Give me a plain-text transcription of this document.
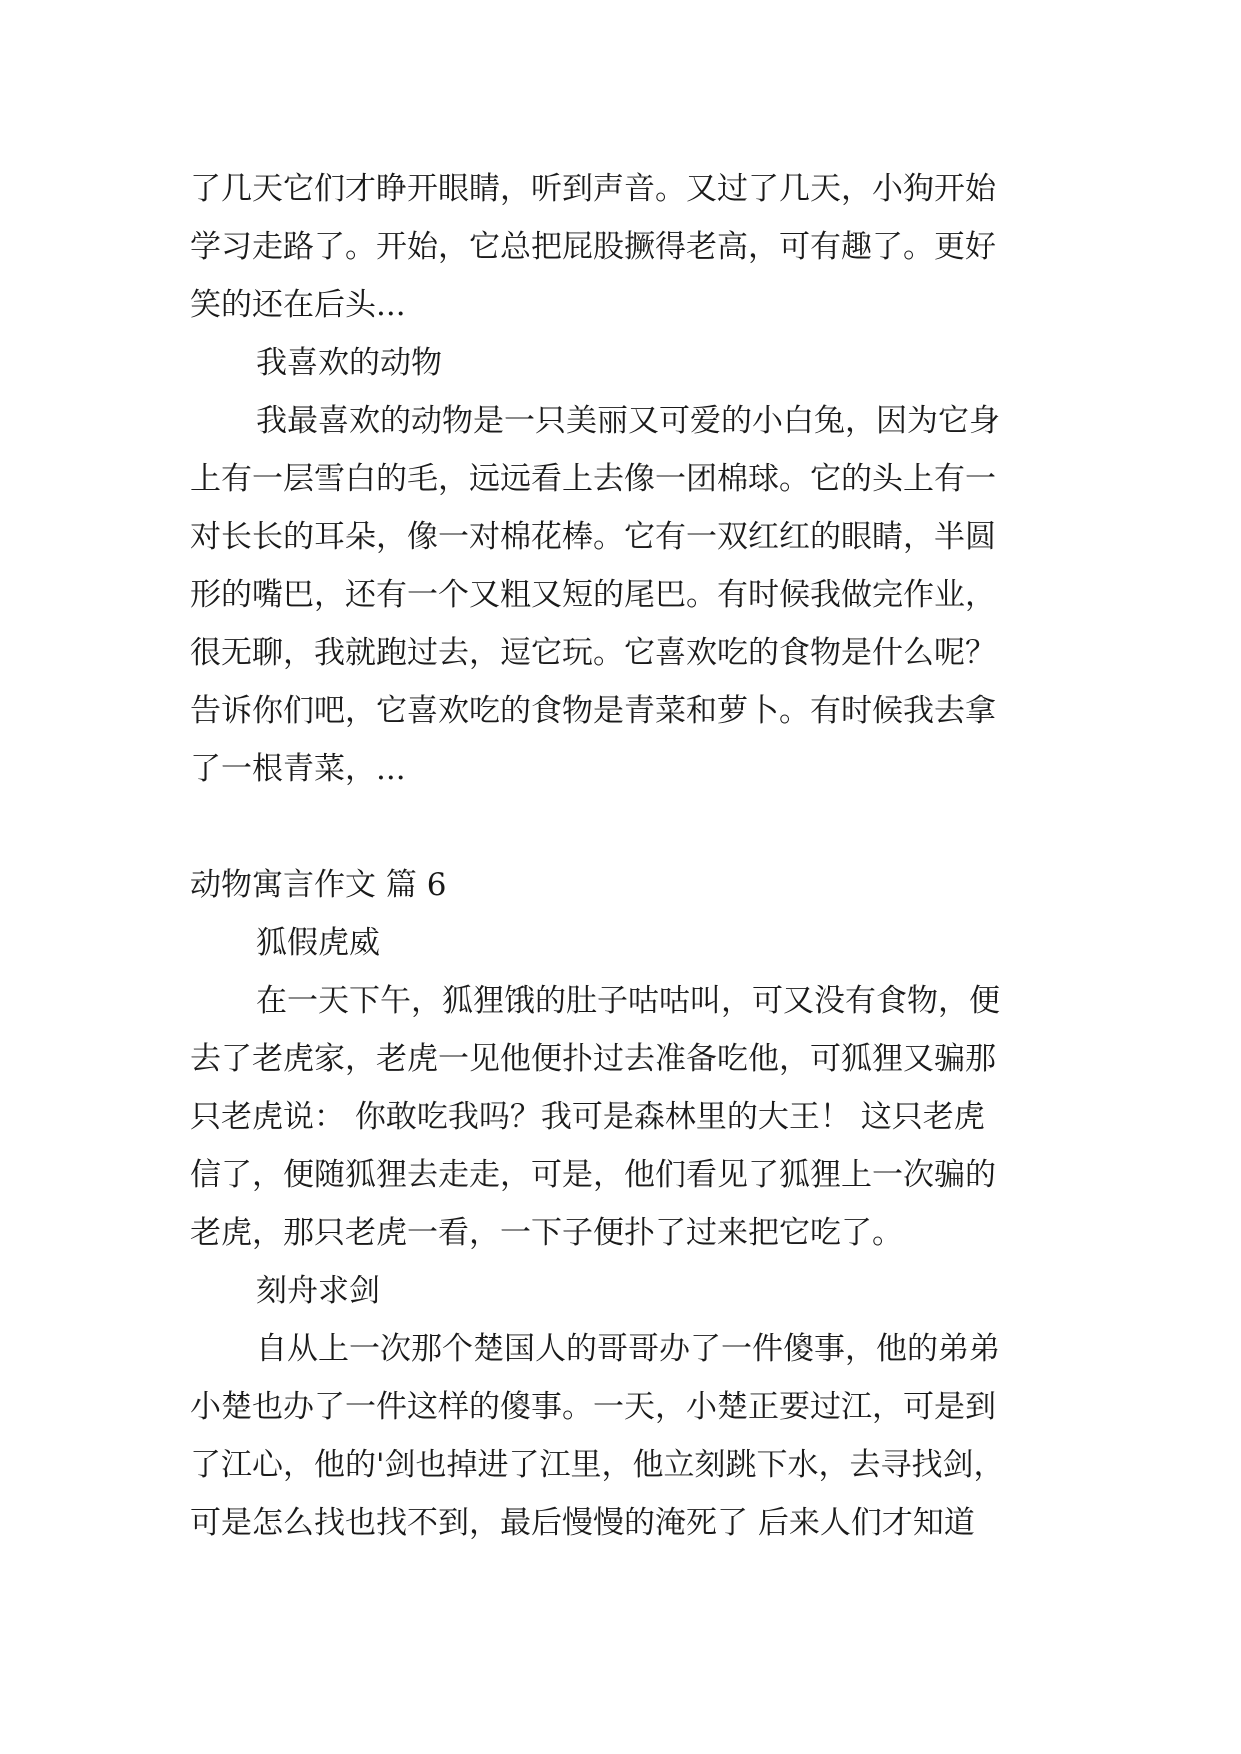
了几天它们才睁开眼睛，听到声音。又过了几天，小狗开始
学习走路了。开始，它总把屁股撅得老高，可有趣了。更好
笑的还在后头...
我喜欢的动物
我最喜欢的动物是一只美丽又可爱的小白兔，因为它身
上有一层雪白的毛，远远看上去像一团棉球。它的头上有一
对长长的耳朵，像一对棉花棒。它有一双红红的眼睛，半圆
形的嘴巴，还有一个又粗又短的尾巴。有时候我做完作业，
很无聊，我就跑过去，逗它玩。它喜欢吃的食物是什么呢？
告诉你们吧，它喜欢吃的食物是青菜和萝卜。有时候我去拿
了一根青菜，...
动物寓言作文 篇 6
狐假虎威
在一天下午，狐狸饿的肚子咕咕叫，可又没有食物，便
去了老虎家，老虎一见他便扑过去准备吃他，可狐狸又骗那
只老虎说： 你敢吃我吗？我可是森林里的大王！ 这只老虎
信了，便随狐狸去走走，可是，他们看见了狐狸上一次骗的
老虎，那只老虎一看，一下子便扑了过来把它吃了。
刻舟求剑
自从上一次那个楚国人的哥哥办了一件傻事，他的弟弟
小楚也办了一件这样的傻事。一天，小楚正要过江，可是到
了江心，他的'剑也掉进了江里，他立刻跳下水，去寻找剑，
可是怎么找也找不到，最后慢慢的淹死了 后来人们才知道
